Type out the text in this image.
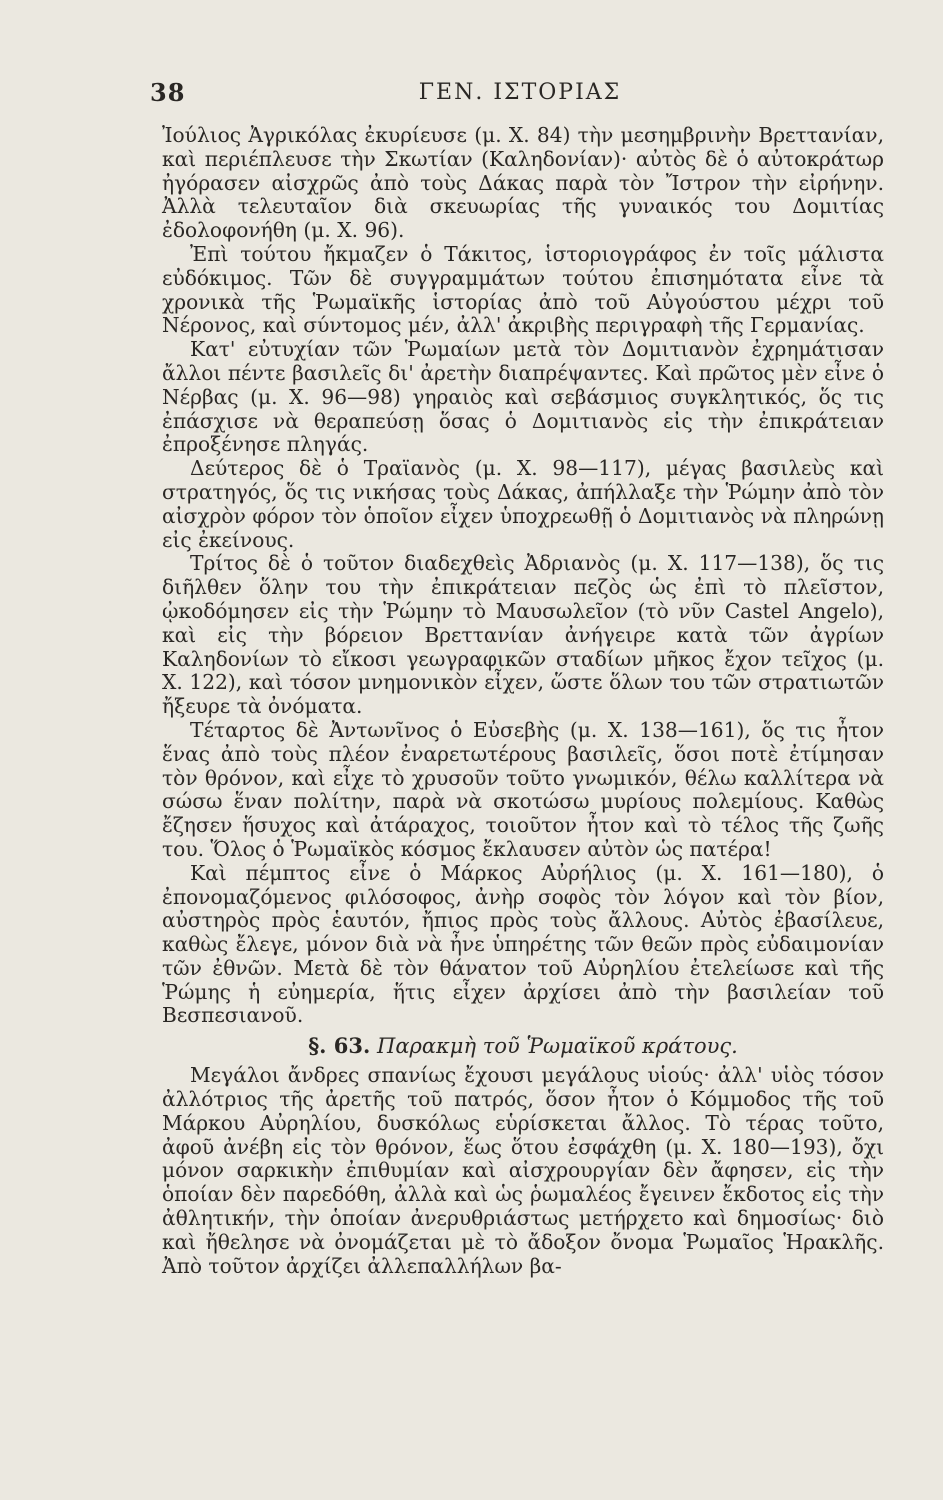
38	ΓΕΝ. ΙΣΤΟΡΙΑΣ

Ἰούλιος Ἀγρικόλας ἐκυρίευσε (μ. Χ. 84) τὴν μεσημβρινὴν Βρεττανίαν, καὶ περιέπλευσε τὴν Σκωτίαν (Καληδονίαν)· αὐτὸς δὲ ὁ αὐτοκράτωρ ἠγόρασεν αἰσχρῶς ἀπὸ τοὺς Δάκας παρὰ τὸν Ἴστρον τὴν εἰρήνην. Ἀλλὰ τελευταῖον διὰ σκευωρίας τῆς γυναικός του Δομιτίας ἐδολοφονήθη (μ. Χ. 96).

Ἐπὶ τούτου ἤκμαζεν ὁ Τάκιτος, ἱστοριογράφος ἐν τοῖς μάλιστα εὐδόκιμος. Τῶν δὲ συγγραμμάτων τούτου ἐπισημότατα εἶνε τὰ χρονικὰ τῆς Ῥωμαϊκῆς ἱστορίας ἀπὸ τοῦ Αὐγούστου μέχρι τοῦ Νέρονος, καὶ σύντομος μέν, ἀλλ' ἀκριβὴς περιγραφὴ τῆς Γερμανίας.

Κατ' εὐτυχίαν τῶν Ῥωμαίων μετὰ τὸν Δομιτιανὸν ἐχρημάτισαν ἄλλοι πέντε βασιλεῖς δι' ἀρετὴν διαπρέψαντες. Καὶ πρῶτος μὲν εἶνε ὁ Νέρβας (μ. Χ. 96—98) γηραιὸς καὶ σεβάσμιος συγκλητικός, ὅς τις ἐπάσχισε νὰ θεραπεύσῃ ὅσας ὁ Δομιτιανὸς εἰς τὴν ἐπικράτειαν ἐπροξένησε πληγάς.

Δεύτερος δὲ ὁ Τραϊανὸς (μ. Χ. 98—117), μέγας βασιλεὺς καὶ στρατηγός, ὅς τις νικήσας τοὺς Δάκας, ἀπήλλαξε τὴν Ῥώμην ἀπὸ τὸν αἰσχρὸν φόρον τὸν ὁποῖον εἶχεν ὑποχρεωθῇ ὁ Δομιτιανὸς νὰ πληρώνῃ εἰς ἐκείνους.

Τρίτος δὲ ὁ τοῦτον διαδεχθεὶς Ἀδριανὸς (μ. Χ. 117—138), ὅς τις διῆλθεν ὅλην του τὴν ἐπικράτειαν πεζὸς ὡς ἐπὶ τὸ πλεῖστον, ᾠκοδόμησεν εἰς τὴν Ῥώμην τὸ Μαυσωλεῖον (τὸ νῦν Castel Angelo), καὶ εἰς τὴν βόρειον Βρεττανίαν ἀνήγειρε κατὰ τῶν ἀγρίων Καληδονίων τὸ εἴκοσι γεωγραφικῶν σταδίων μῆκος ἔχον τεῖχος (μ. Χ. 122), καὶ τόσον μνημονικὸν εἶχεν, ὥστε ὅλων του τῶν στρατιωτῶν ἤξευρε τὰ ὀνόματα.

Τέταρτος δὲ Ἀντωνῖνος ὁ Εὐσεβὴς (μ. Χ. 138—161), ὅς τις ἦτον ἕνας ἀπὸ τοὺς πλέον ἐναρετωτέρους βασιλεῖς, ὅσοι ποτὲ ἐτίμησαν τὸν θρόνον, καὶ εἶχε τὸ χρυσοῦν τοῦτο γνωμικόν, θέλω καλλίτερα νὰ σώσω ἕναν πολίτην, παρὰ νὰ σκοτώσω μυρίους πολεμίους. Καθὼς ἔζησεν ἥσυχος καὶ ἀτάραχος, τοιοῦτον ἦτον καὶ τὸ τέλος τῆς ζωῆς του. Ὅλος ὁ Ῥωμαϊκὸς κόσμος ἔκλαυσεν αὐτὸν ὡς πατέρα!

Καὶ πέμπτος εἶνε ὁ Μάρκος Αὐρήλιος (μ. Χ. 161—180), ὁ ἐπονομαζόμενος φιλόσοφος, ἀνὴρ σοφὸς τὸν λόγον καὶ τὸν βίον, αὐστηρὸς πρὸς ἑαυτόν, ἤπιος πρὸς τοὺς ἄλλους. Αὐτὸς ἐβασίλευε, καθὼς ἔλεγε, μόνον διὰ νὰ ἦνε ὑπηρέτης τῶν θεῶν πρὸς εὐδαιμονίαν τῶν ἐθνῶν. Μετὰ δὲ τὸν θάνατον τοῦ Αὐρηλίου ἐτελείωσε καὶ τῆς Ῥώμης ἡ εὐημερία, ἥτις εἶχεν ἀρχίσει ἀπὸ τὴν βασιλείαν τοῦ Βεσπεσιανοῦ.

§. 63. Παρακμὴ τοῦ Ῥωμαϊκοῦ κράτους.

Μεγάλοι ἄνδρες σπανίως ἔχουσι μεγάλους υἱούς· ἀλλ' υἱὸς τόσον ἀλλότριος τῆς ἀρετῆς τοῦ πατρός, ὅσον ἦτον ὁ Κόμμοδος τῆς τοῦ Μάρκου Αὐρηλίου, δυσκόλως εὑρίσκεται ἄλλος. Τὸ τέρας τοῦτο, ἀφοῦ ἀνέβη εἰς τὸν θρόνον, ἕως ὅτου ἐσφάχθη (μ. Χ. 180—193), ὄχι μόνον σαρκικὴν ἐπιθυμίαν καὶ αἰσχρουργίαν δὲν ἄφησεν, εἰς τὴν ὁποίαν δὲν παρεδόθη, ἀλλὰ καὶ ὡς ῥωμαλέος ἔγεινεν ἔκδοτος εἰς τὴν ἀθλητικήν, τὴν ὁποίαν ἀνερυθριάστως μετήρχετο καὶ δημοσίως· διὸ καὶ ἤθελησε νὰ ὀνομάζεται μὲ τὸ ἄδοξον ὄνομα Ῥωμαῖος Ἡρακλῆς. Ἀπὸ τοῦτον ἀρχίζει ἀλλεπαλλήλων βα-
